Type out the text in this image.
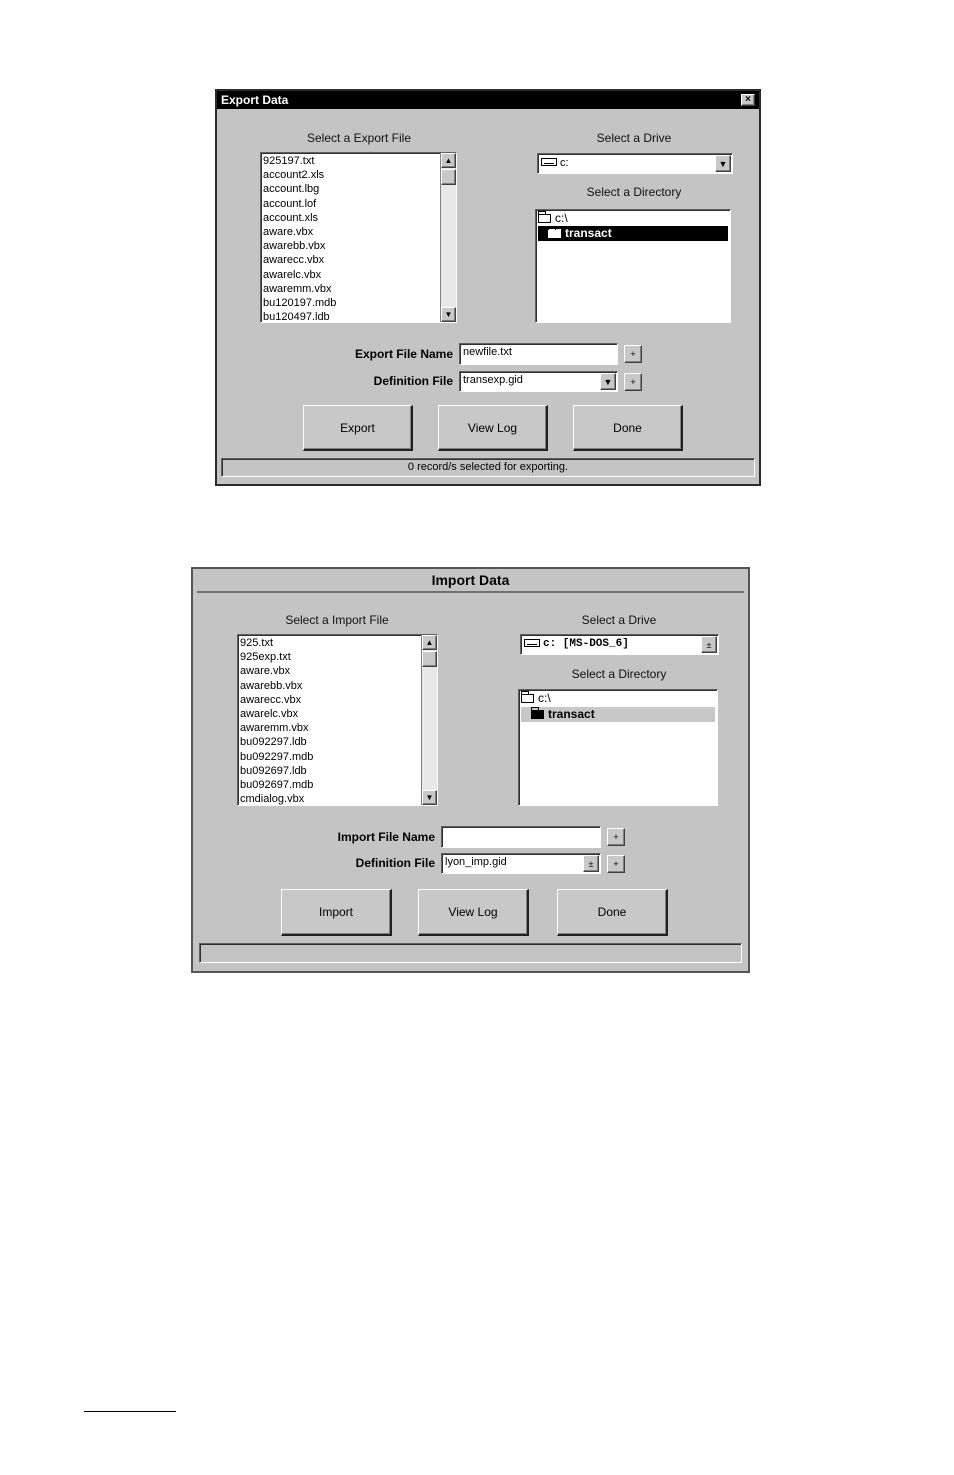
Export Data	×
Select a Export File	Select a Drive
925197.txt
account2.xls
account.lbg
account.lof
account.xls
aware.vbx
awarebb.vbx
awarecc.vbx
awarelc.vbx
awaremm.vbx
bu120197.mdb
bu120497.ldb
▲
▼
c:	▼
Select a Directory
c:\
transact
Export File Name newfile.txt	+
Definition File transexp.gid	▼	+
Export	View Log	Done
0 record/s selected for exporting.
Import Data
Select a Import File	Select a Drive
925.txt
925exp.txt
aware.vbx
awarebb.vbx
awarecc.vbx
awarelc.vbx
awaremm.vbx
bu092297.ldb
bu092297.mdb
bu092697.ldb
bu092697.mdb
cmdialog.vbx
▲
▼
c: [MS-DOS_6]	±
Select a Directory
c:\
transact
Import File Name	+
Definition File lyon_imp.gid	±	+
Import	View Log	Done
